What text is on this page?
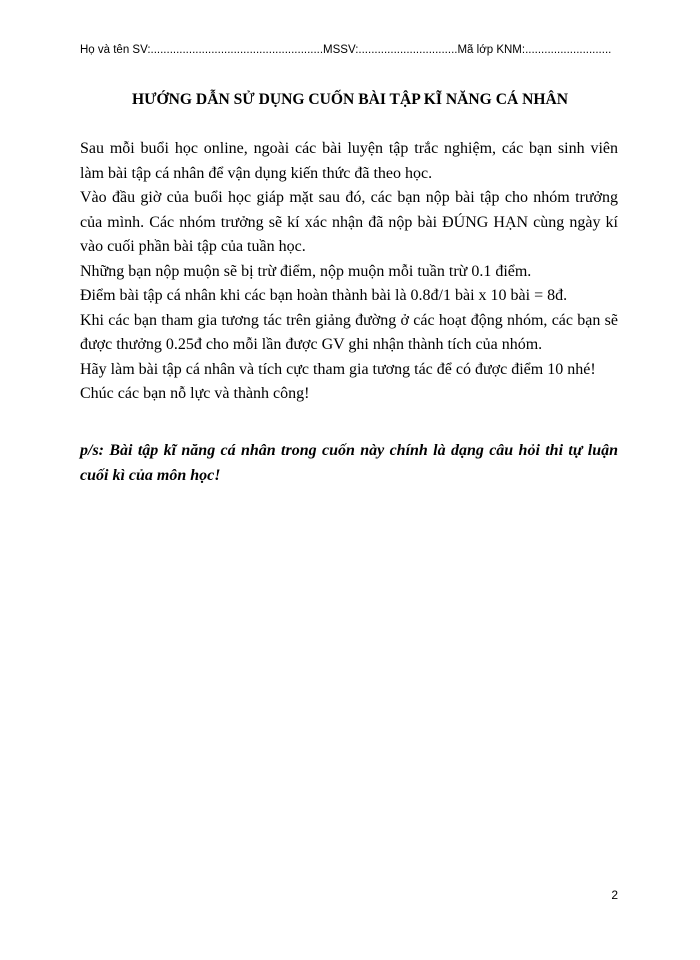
Họ và tên SV:......................................................MSSV:...............................Mã lớp KNM:...........................
HƯỚNG DẪN SỬ DỤNG CUỐN BÀI TẬP KĨ NĂNG CÁ NHÂN

Sau mỗi buổi học online, ngoài các bài luyện tập trắc nghiệm, các bạn sinh viên làm bài tập cá nhân để vận dụng kiến thức đã theo học.

Vào đầu giờ của buổi học giáp mặt sau đó, các bạn nộp bài tập cho nhóm trưởng của mình. Các nhóm trưởng sẽ kí xác nhận đã nộp bài ĐÚNG HẠN cùng ngày kí vào cuối phần bài tập của tuần học.

Những bạn nộp muộn sẽ bị trừ điểm, nộp muộn mỗi tuần trừ 0.1 điểm.

Điểm bài tập cá nhân khi các bạn hoàn thành bài là 0.8đ/1 bài x 10 bài = 8đ.

Khi các bạn tham gia tương tác trên giảng đường ở các hoạt động nhóm, các bạn sẽ được thưởng 0.25đ cho mỗi lần được GV ghi nhận thành tích của nhóm.

Hãy làm bài tập cá nhân và tích cực tham gia tương tác để có được điểm 10 nhé!

Chúc các bạn nỗ lực và thành công!

p/s: Bài tập kĩ năng cá nhân trong cuốn này chính là dạng câu hỏi thi tự luận cuối kì của môn học!
2
